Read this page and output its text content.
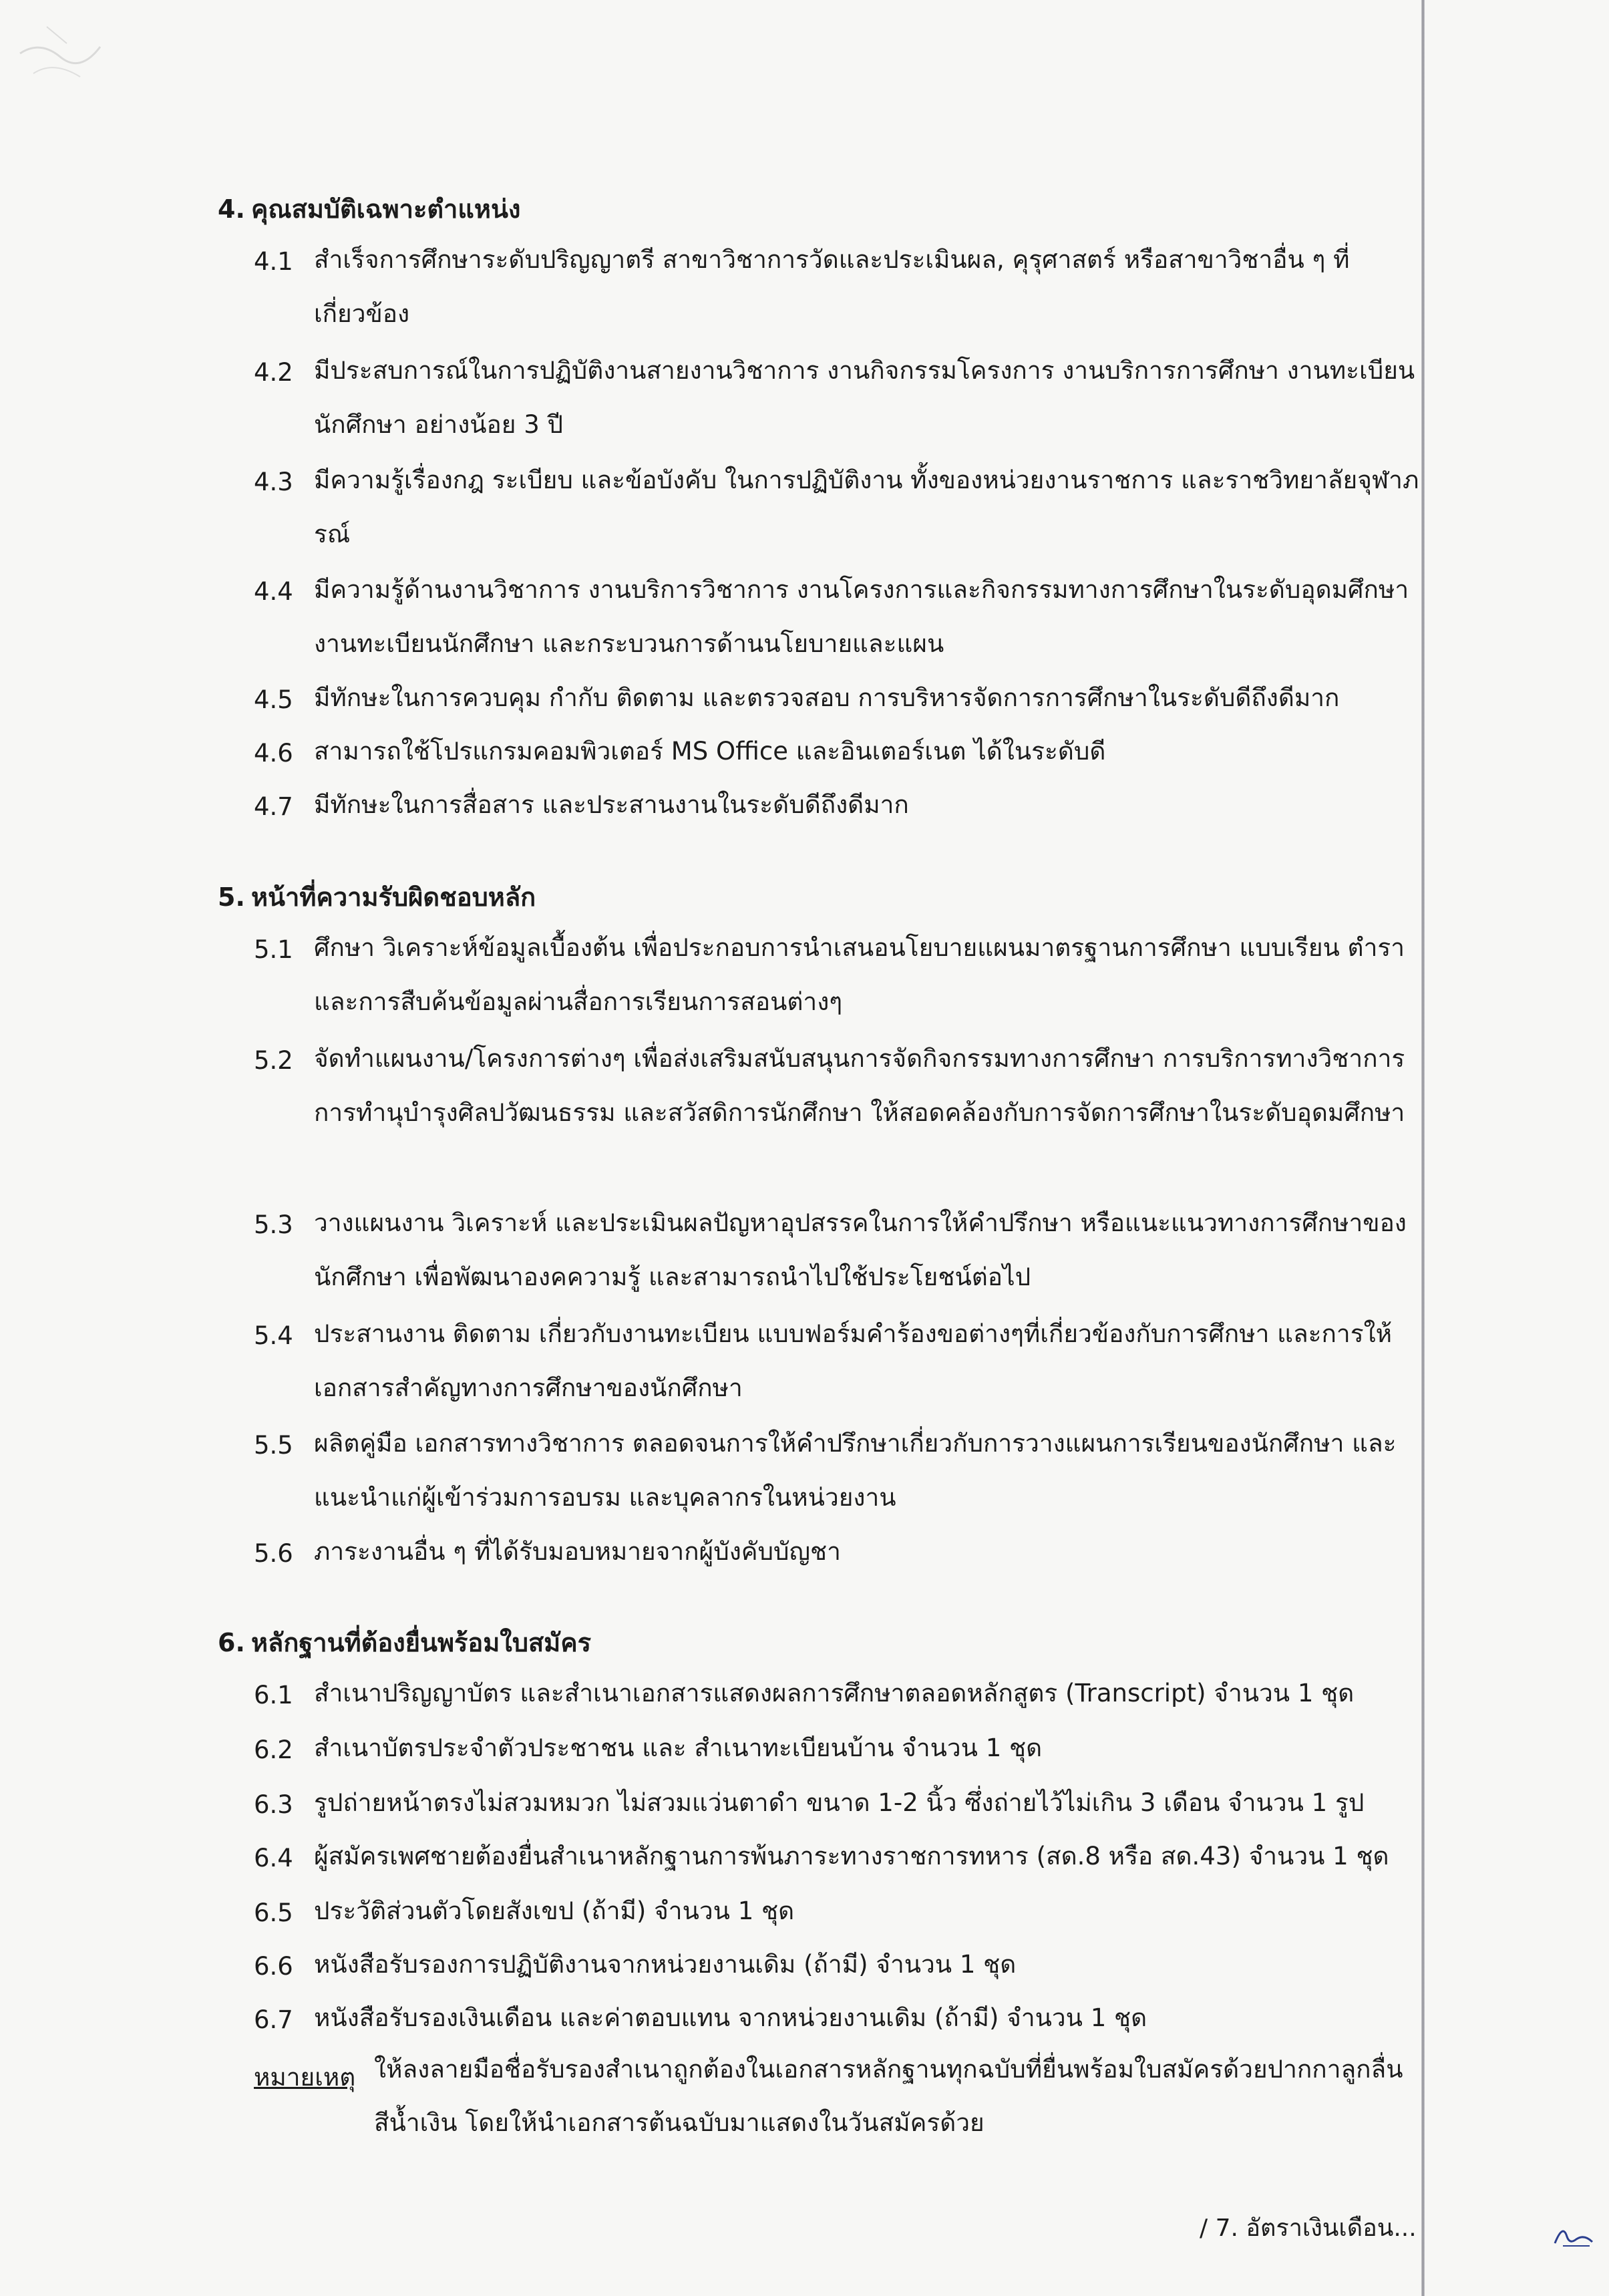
4. คุณสมบัติเฉพาะตำแหน่ง
4.1 สำเร็จการศึกษาระดับปริญญาตรี สาขาวิชาการวัดและประเมินผล, คุรุศาสตร์ หรือสาขาวิชาอื่น ๆ ที่เกี่ยวข้อง
4.2 มีประสบการณ์ในการปฏิบัติงานสายงานวิชาการ งานกิจกรรมโครงการ งานบริการการศึกษา งานทะเบียนนักศึกษา อย่างน้อย 3 ปี
4.3 มีความรู้เรื่องกฎ ระเบียบ และข้อบังคับ ในการปฏิบัติงาน ทั้งของหน่วยงานราชการ และราชวิทยาลัยจุฬาภรณ์
4.4 มีความรู้ด้านงานวิชาการ งานบริการวิชาการ งานโครงการและกิจกรรมทางการศึกษาในระดับอุดมศึกษา งานทะเบียนนักศึกษา และกระบวนการด้านนโยบายและแผน
4.5 มีทักษะในการควบคุม กำกับ ติดตาม และตรวจสอบ การบริหารจัดการการศึกษาในระดับดีถึงดีมาก
4.6 สามารถใช้โปรแกรมคอมพิวเตอร์ MS Office และอินเตอร์เนต ได้ในระดับดี
4.7 มีทักษะในการสื่อสาร และประสานงานในระดับดีถึงดีมาก
5. หน้าที่ความรับผิดชอบหลัก
5.1 ศึกษา วิเคราะห์ข้อมูลเบื้องต้น เพื่อประกอบการนำเสนอนโยบายแผนมาตรฐานการศึกษา แบบเรียน ตำรา และการสืบค้นข้อมูลผ่านสื่อการเรียนการสอนต่างๆ
5.2 จัดทำแผนงาน/โครงการต่างๆ เพื่อส่งเสริมสนับสนุนการจัดกิจกรรมทางการศึกษา การบริการทางวิชาการ การทำนุบำรุงศิลปวัฒนธรรม และสวัสดิการนักศึกษา ให้สอดคล้องกับการจัดการศึกษาในระดับอุดมศึกษา
5.3 วางแผนงาน วิเคราะห์ และประเมินผลปัญหาอุปสรรคในการให้คำปรึกษา หรือแนะแนวทางการศึกษาของนักศึกษา เพื่อพัฒนาองคความรู้ และสามารถนำไปใช้ประโยชน์ต่อไป
5.4 ประสานงาน ติดตาม เกี่ยวกับงานทะเบียน แบบฟอร์มคำร้องขอต่างๆที่เกี่ยวข้องกับการศึกษา และการให้เอกสารสำคัญทางการศึกษาของนักศึกษา
5.5 ผลิตคู่มือ เอกสารทางวิชาการ ตลอดจนการให้คำปรึกษาเกี่ยวกับการวางแผนการเรียนของนักศึกษา และแนะนำแก่ผู้เข้าร่วมการอบรม และบุคลากรในหน่วยงาน
5.6 ภาระงานอื่น ๆ ที่ได้รับมอบหมายจากผู้บังคับบัญชา
6. หลักฐานที่ต้องยื่นพร้อมใบสมัคร
6.1 สำเนาปริญญาบัตร และสำเนาเอกสารแสดงผลการศึกษาตลอดหลักสูตร (Transcript) จำนวน 1 ชุด
6.2 สำเนาบัตรประจำตัวประชาชน และ สำเนาทะเบียนบ้าน จำนวน 1 ชุด
6.3 รูปถ่ายหน้าตรงไม่สวมหมวก ไม่สวมแว่นตาดำ ขนาด 1-2 นิ้ว ซึ่งถ่ายไว้ไม่เกิน 3 เดือน จำนวน 1 รูป
6.4 ผู้สมัครเพศชายต้องยื่นสำเนาหลักฐานการพ้นภาระทางราชการทหาร (สด.8 หรือ สด.43) จำนวน 1 ชุด
6.5 ประวัติส่วนตัวโดยสังเขป (ถ้ามี) จำนวน 1 ชุด
6.6 หนังสือรับรองการปฏิบัติงานจากหน่วยงานเดิม (ถ้ามี) จำนวน 1 ชุด
6.7 หนังสือรับรองเงินเดือน และค่าตอบแทน จากหน่วยงานเดิม (ถ้ามี) จำนวน 1 ชุด
หมายเหตุ ให้ลงลายมือชื่อรับรองสำเนาถูกต้องในเอกสารหลักฐานทุกฉบับที่ยื่นพร้อมใบสมัครด้วยปากกาลูกลื่นสีน้ำเงิน โดยให้นำเอกสารต้นฉบับมาแสดงในวันสมัครด้วย
/ 7. อัตราเงินเดือน...
